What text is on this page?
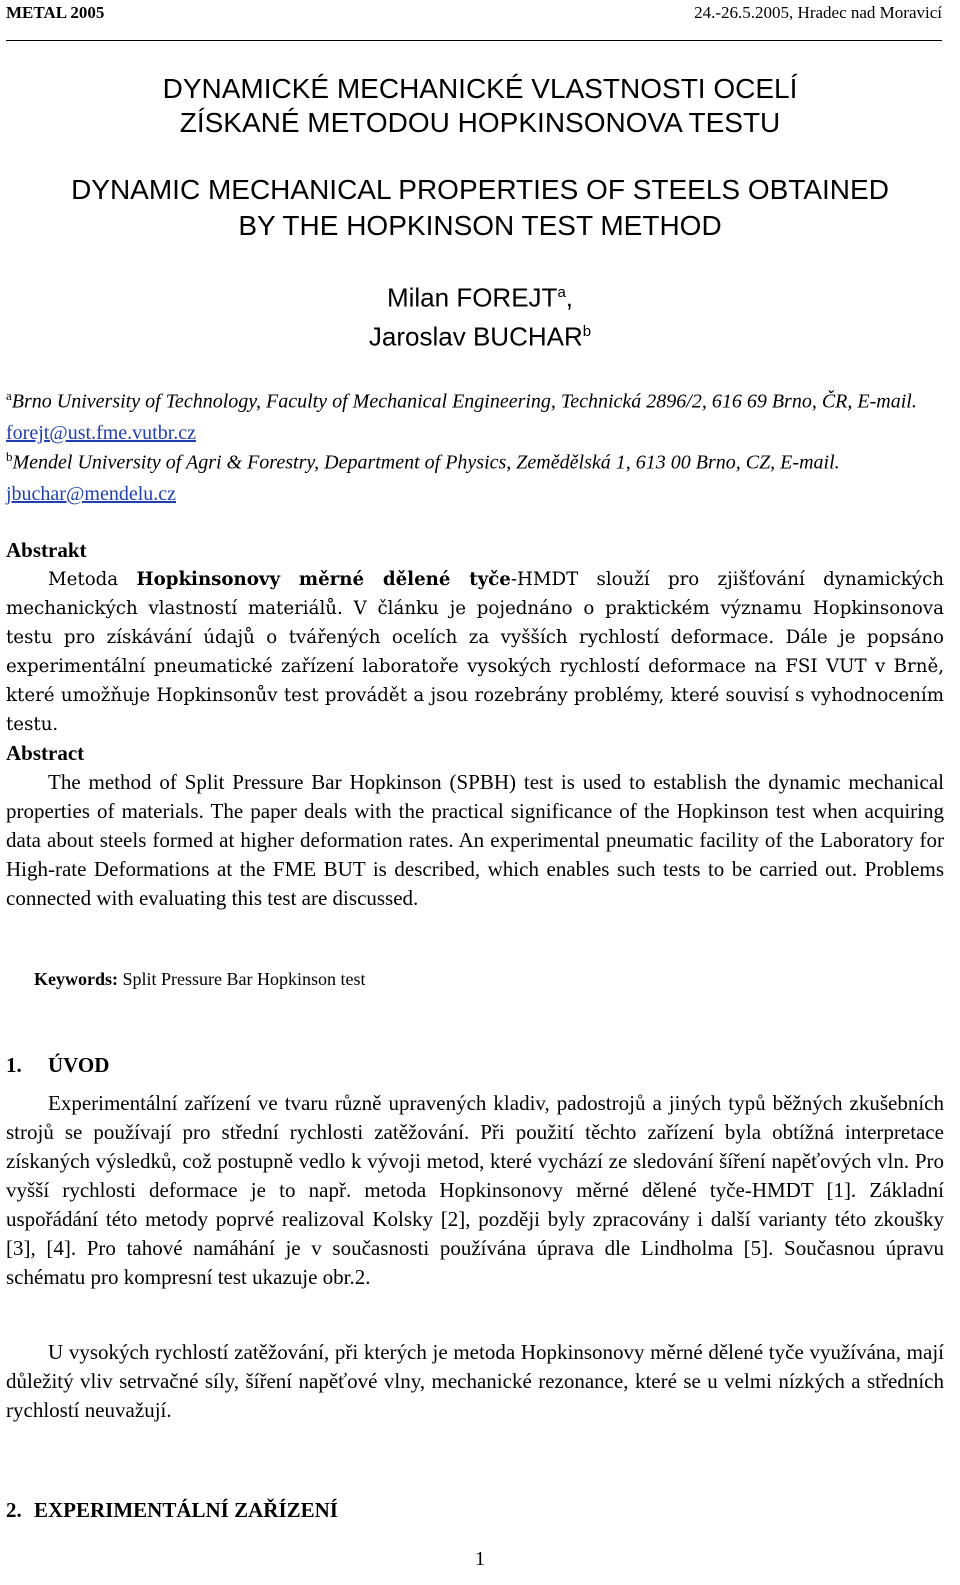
METAL 2005	24.-26.5.2005, Hradec nad Moravicí
DYNAMICKÉ MECHANICKÉ VLASTNOSTI OCELÍ
ZÍSKANÉ METODOU HOPKINSONOVA TESTU
DYNAMIC MECHANICAL PROPERTIES OF STEELS OBTAINED
BY THE HOPKINSON TEST METHOD
Milan FOREJT$^a$,
Jaroslav BUCHAR$^b$
$^a$Brno University of Technology, Faculty of Mechanical Engineering, Technická 2896/2, 616 69 Brno, ČR, E-mail. forejt@ust.fme.vutbr.cz
$^b$Mendel University of Agri & Forestry, Department of Physics, Zemědělská 1, 613 00 Brno, CZ, E-mail. jbuchar@mendelu.cz
Abstrakt
Metoda Hopkinsonovy měrné dělené tyče-HMDT slouží pro zjišťování dynamických mechanických vlastností materiálů. V článku je pojednáno o praktickém významu Hopkinsonova testu pro získávání údajů o tvářených ocelích za vyšších rychlostí deformace. Dále je popsáno experimentální pneumatické zařízení laboratoře vysokých rychlostí deformace na FSI VUT v Brně, které umožňuje Hopkinsonův test provádět a jsou rozebrány problémy, které souvisí s vyhodnocením testu.
Abstract
The method of Split Pressure Bar Hopkinson (SPBH) test is used to establish the dynamic mechanical properties of materials. The paper deals with the practical significance of the Hopkinson test when acquiring data about steels formed at higher deformation rates. An experimental pneumatic facility of the Laboratory for High-rate Deformations at the FME BUT is described, which enables such tests to be carried out. Problems connected with evaluating this test are discussed.
Keywords: Split Pressure Bar Hopkinson test
1. ÚVOD
Experimentální zařízení ve tvaru různě upravených kladiv, padostrojů a jiných typů běžných zkušebních strojů se používají pro střední rychlosti zatěžování. Při použití těchto zařízení byla obtížná interpretace získaných výsledků, což postupně vedlo k vývoji metod, které vychází ze sledování šíření napěťových vln. Pro vyšší rychlosti deformace je to např. metoda Hopkinsonovy měrné dělené tyče-HMDT [1]. Základní uspořádání této metody poprvé realizoval Kolsky [2], později byly zpracovány i další varianty této zkoušky [3], [4]. Pro tahové namáhání je v současnosti používána úprava dle Lindholma [5]. Současnou úpravu schématu pro kompresní test ukazuje obr.2.
U vysokých rychlostí zatěžování, při kterých je metoda Hopkinsonovy měrné dělené tyče využívána, mají důležitý vliv setrvačné síly, šíření napěťové vlny, mechanické rezonance, které se u velmi nízkých a středních rychlostí neuvažují.
2. EXPERIMENTÁLNÍ ZAŘÍZENÍ
1
